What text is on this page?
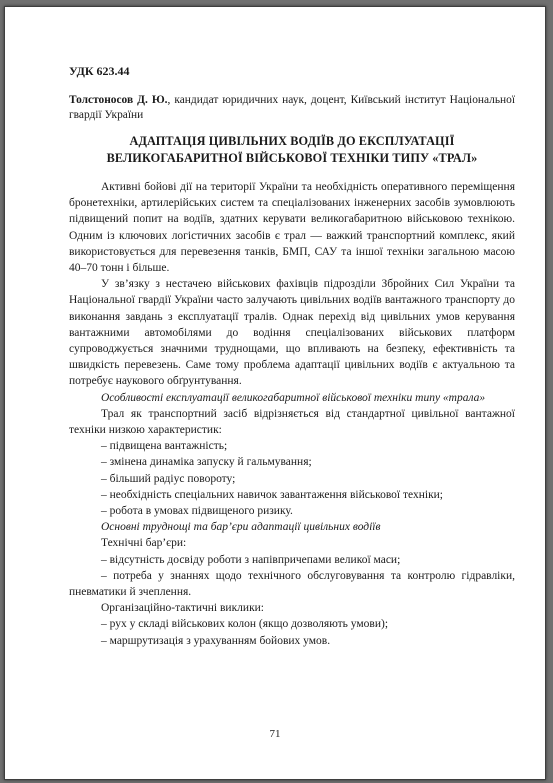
УДК 623.44

Толстоносов Д. Ю., кандидат юридичних наук, доцент, Київський інститут Національної гвардії України

АДАПТАЦІЯ ЦИВІЛЬНИХ ВОДІЇВ ДО ЕКСПЛУАТАЦІЇ
ВЕЛИКОГАБАРИТНОЇ ВІЙСЬКОВОЇ ТЕХНІКИ ТИПУ «ТРАЛ»

Активні бойові дії на території України та необхідність оперативного переміщення бронетехніки, артилерійських систем та спеціалізованих інженерних засобів зумовлюють підвищений попит на водіїв, здатних керувати великогабаритною військовою технікою. Одним із ключових логістичних засобів є трал — важкий транспортний комплекс, який використовується для перевезення танків, БМП, САУ та іншої техніки загальною масою 40–70 тонн і більше.

У зв’язку з нестачею військових фахівців підрозділи Збройних Сил України та Національної гвардії України часто залучають цивільних водіїв вантажного транспорту до виконання завдань з експлуатації тралів. Однак перехід від цивільних умов керування вантажними автомобілями до водіння спеціалізованих військових платформ супроводжується значними труднощами, що впливають на безпеку, ефективність та швидкість перевезень. Саме тому проблема адаптації цивільних водіїв є актуальною та потребує наукового обґрунтування.

Особливості експлуатації великогабаритної військової техніки типу «трала»

Трал як транспортний засіб відрізняється від стандартної цивільної вантажної техніки низкою характеристик:

– підвищена вантажність;

– змінена динаміка запуску й гальмування;

– більший радіус повороту;

– необхідність спеціальних навичок завантаження військової техніки;

– робота в умовах підвищеного ризику.

Основні труднощі та бар’єри адаптації цивільних водіїв

Технічні бар’єри:

– відсутність досвіду роботи з напівпричепами великої маси;

– потреба у знаннях щодо технічного обслуговування та контролю гідравліки, пневматики й зчеплення.

Організаційно-тактичні виклики:

– рух у складі військових колон (якщо дозволяють умови);

– маршрутизація з урахуванням бойових умов.

71
